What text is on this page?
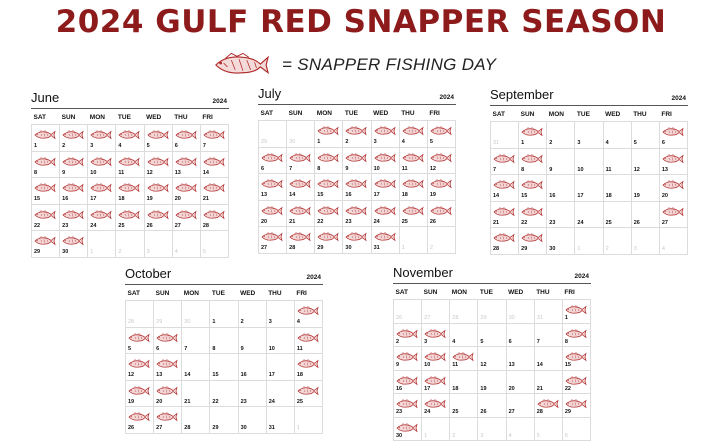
2024 GULF RED SNAPPER SEASON
= SNAPPER FISHING DAY
June	2024
SAT	SUN	MON	TUE	WED	THU	FRI

1	2	3	4	5	6	7

8	9	10	11	12	13	14

15	16	17	18	19	20	21

22	23	24	25	26	27	28

29	30	1	2	3	4	5
July	2024
SAT	SUN	MON	TUE	WED	THU	FRI

29	30	1	2	3	4	5

6	7	8	9	10	11	12

13	14	15	16	17	18	19

20	21	22	23	24	25	26

27	28	29	30	31	1	2
September	2024
SAT	SUN	MON	TUE	WED	THU	FRI

31	1	2	3	4	5	6

7	8	9	10	11	12	13

14	15	16	17	18	19	20

21	22	23	24	25	26	27

28	29	30	1	2	3	4
October	2024
SAT	SUN	MON	TUE	WED	THU	FRI

28	29	30	1	2	3	4

5	6	7	8	9	10	11

12	13	14	15	16	17	18

19	20	21	22	23	24	25

26	27	28	29	30	31	1
November	2024
SAT	SUN	MON	TUE	WED	THU	FRI

26	27	28	29	30	31	1

2	3	4	5	6	7	8

9	10	11	12	13	14	15

16	17	18	19	20	21	22

23	24	25	26	27	28	29

30	1	2	3	4	5	6
